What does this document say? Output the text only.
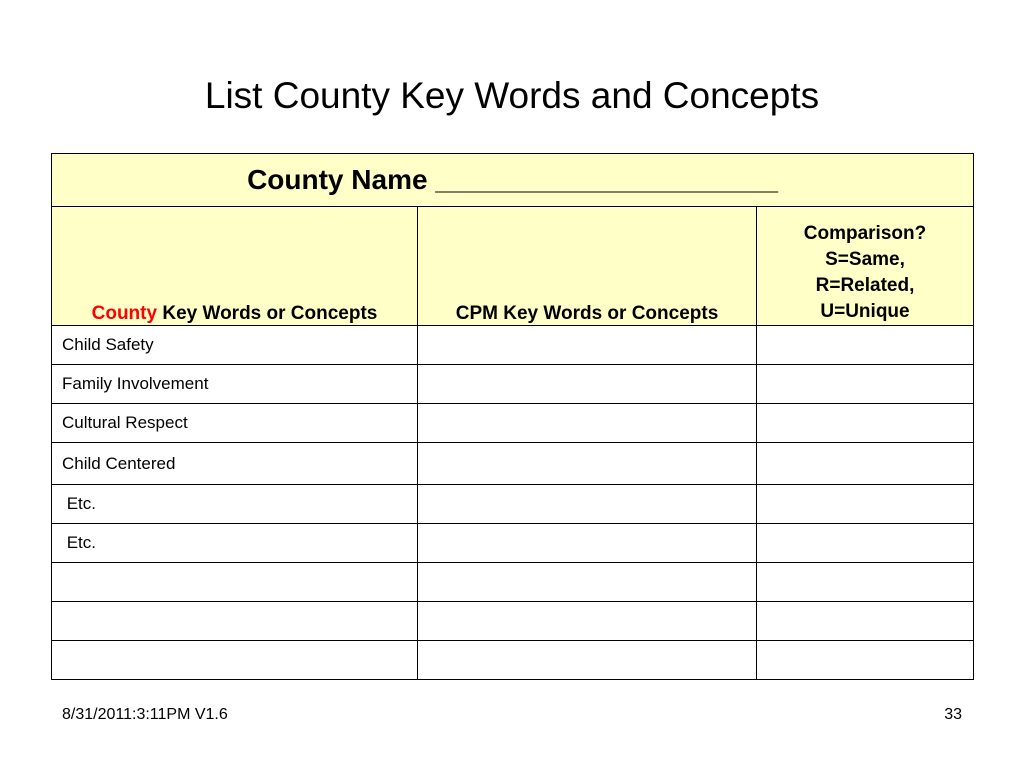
List County Key Words and Concepts
County Name ______________________		
County Key Words or Concepts	CPM Key Words or Concepts	Comparison?
S=Same,
R=Related,
U=Unique

Child Safety		
Family Involvement		
Cultural Respect		
Child Centered		
Etc.		
Etc.		

8/31/2011:3:11PM V1.6	33
